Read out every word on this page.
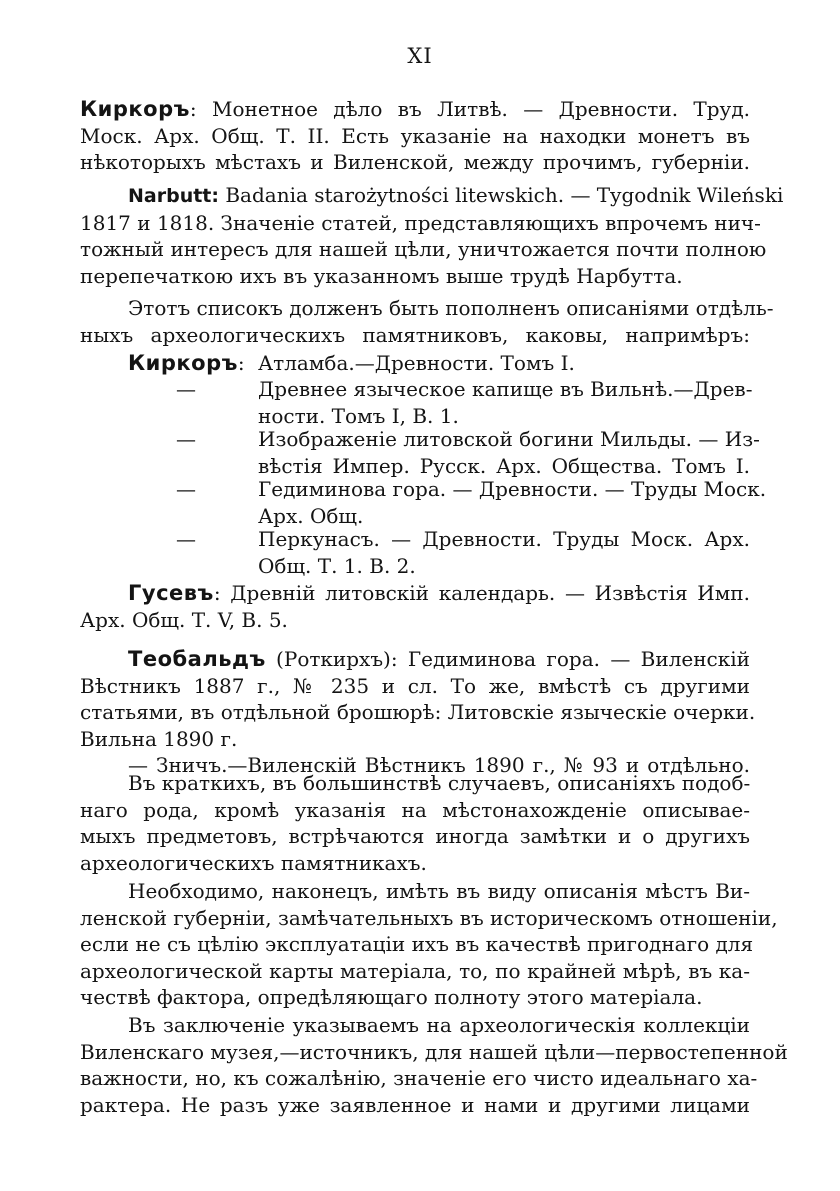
XI
Киркоръ: Монетное дѣло въ Литвѣ. — Древности. Труд.
Моск. Арх. Общ. Т. II. Есть указанie на находки монетъ въ
нѣкоторыхъ мѣстахъ и Виленской, между прочимъ, губернiи.
Narbutt: Badania starożytności litewskich. — Tygodnik Wileński
1817 и 1818. Значенie статей, представляющихъ впрочемъ нич-
тожный интересъ для нашей цѣли, уничтожается почти полною
перепечаткою ихъ въ указанномъ выше трудѣ Нарбутта.
Этотъ списокъ долженъ быть пополненъ описанiями отдѣль-
ныхъ археологическихъ памятниковъ, каковы, напримѣръ:
Киркоръ: Атламба.—Древности. Томъ I.
—	Древнее языческое капище въ Вильнѣ.—Древ-
ности. Томъ I, В. 1.
—	Изображенie литовской богини Мильды. — Из-
вѣстiя Импер. Русск. Арх. Общества. Томъ I.
—	Гедиминова гора. — Древности. — Труды Моск.
Арх. Общ.
—	Перкунасъ. — Древности. Труды Моск. Арх.
Общ. Т. 1. В. 2.
Гусевъ: Древнiй литовскiй календарь. — Извѣстiя Имп.
Арх. Общ. Т. V, В. 5.
Теобальдъ (Роткирхъ): Гедиминова гора. — Виленскiй
Вѣстникъ 1887 г., № 235 и сл. То же, вмѣстѣ съ другими
статьями, въ отдѣльной брошюрѣ: Литовскiе языческiе очерки.
Вильна 1890 г.
— Зничъ.—Виленскiй Вѣстникъ 1890 г., № 93 и отдѣльно.
Въ краткихъ, въ большинствѣ случаевъ, описанiяхъ подоб-
наго рода, кромѣ указанiя на мѣстонахожденiе описывае-
мыхъ предметовъ, встрѣчаются иногда замѣтки и о другихъ
археологическихъ памятникахъ.
Необходимо, наконецъ, имѣть въ виду описанiя мѣстъ Ви-
ленской губернiи, замѣчательныхъ въ историческомъ отношенiи,
если не съ цѣлiю эксплуатацiи ихъ въ качествѣ пригоднаго для
археологической карты матерiала, то, по крайней мѣрѣ, въ ка-
чествѣ фактора, опредѣляющаго полноту этого матерiала.
Въ заключенiе указываемъ на археологическiя коллекцiи
Виленскаго музея,—источникъ, для нашей цѣли—первостепенной
важности, но, къ сожалѣнiю, значенie его чисто идеальнаго ха-
рактера. Не разъ уже заявленное и нами и другими лицами
